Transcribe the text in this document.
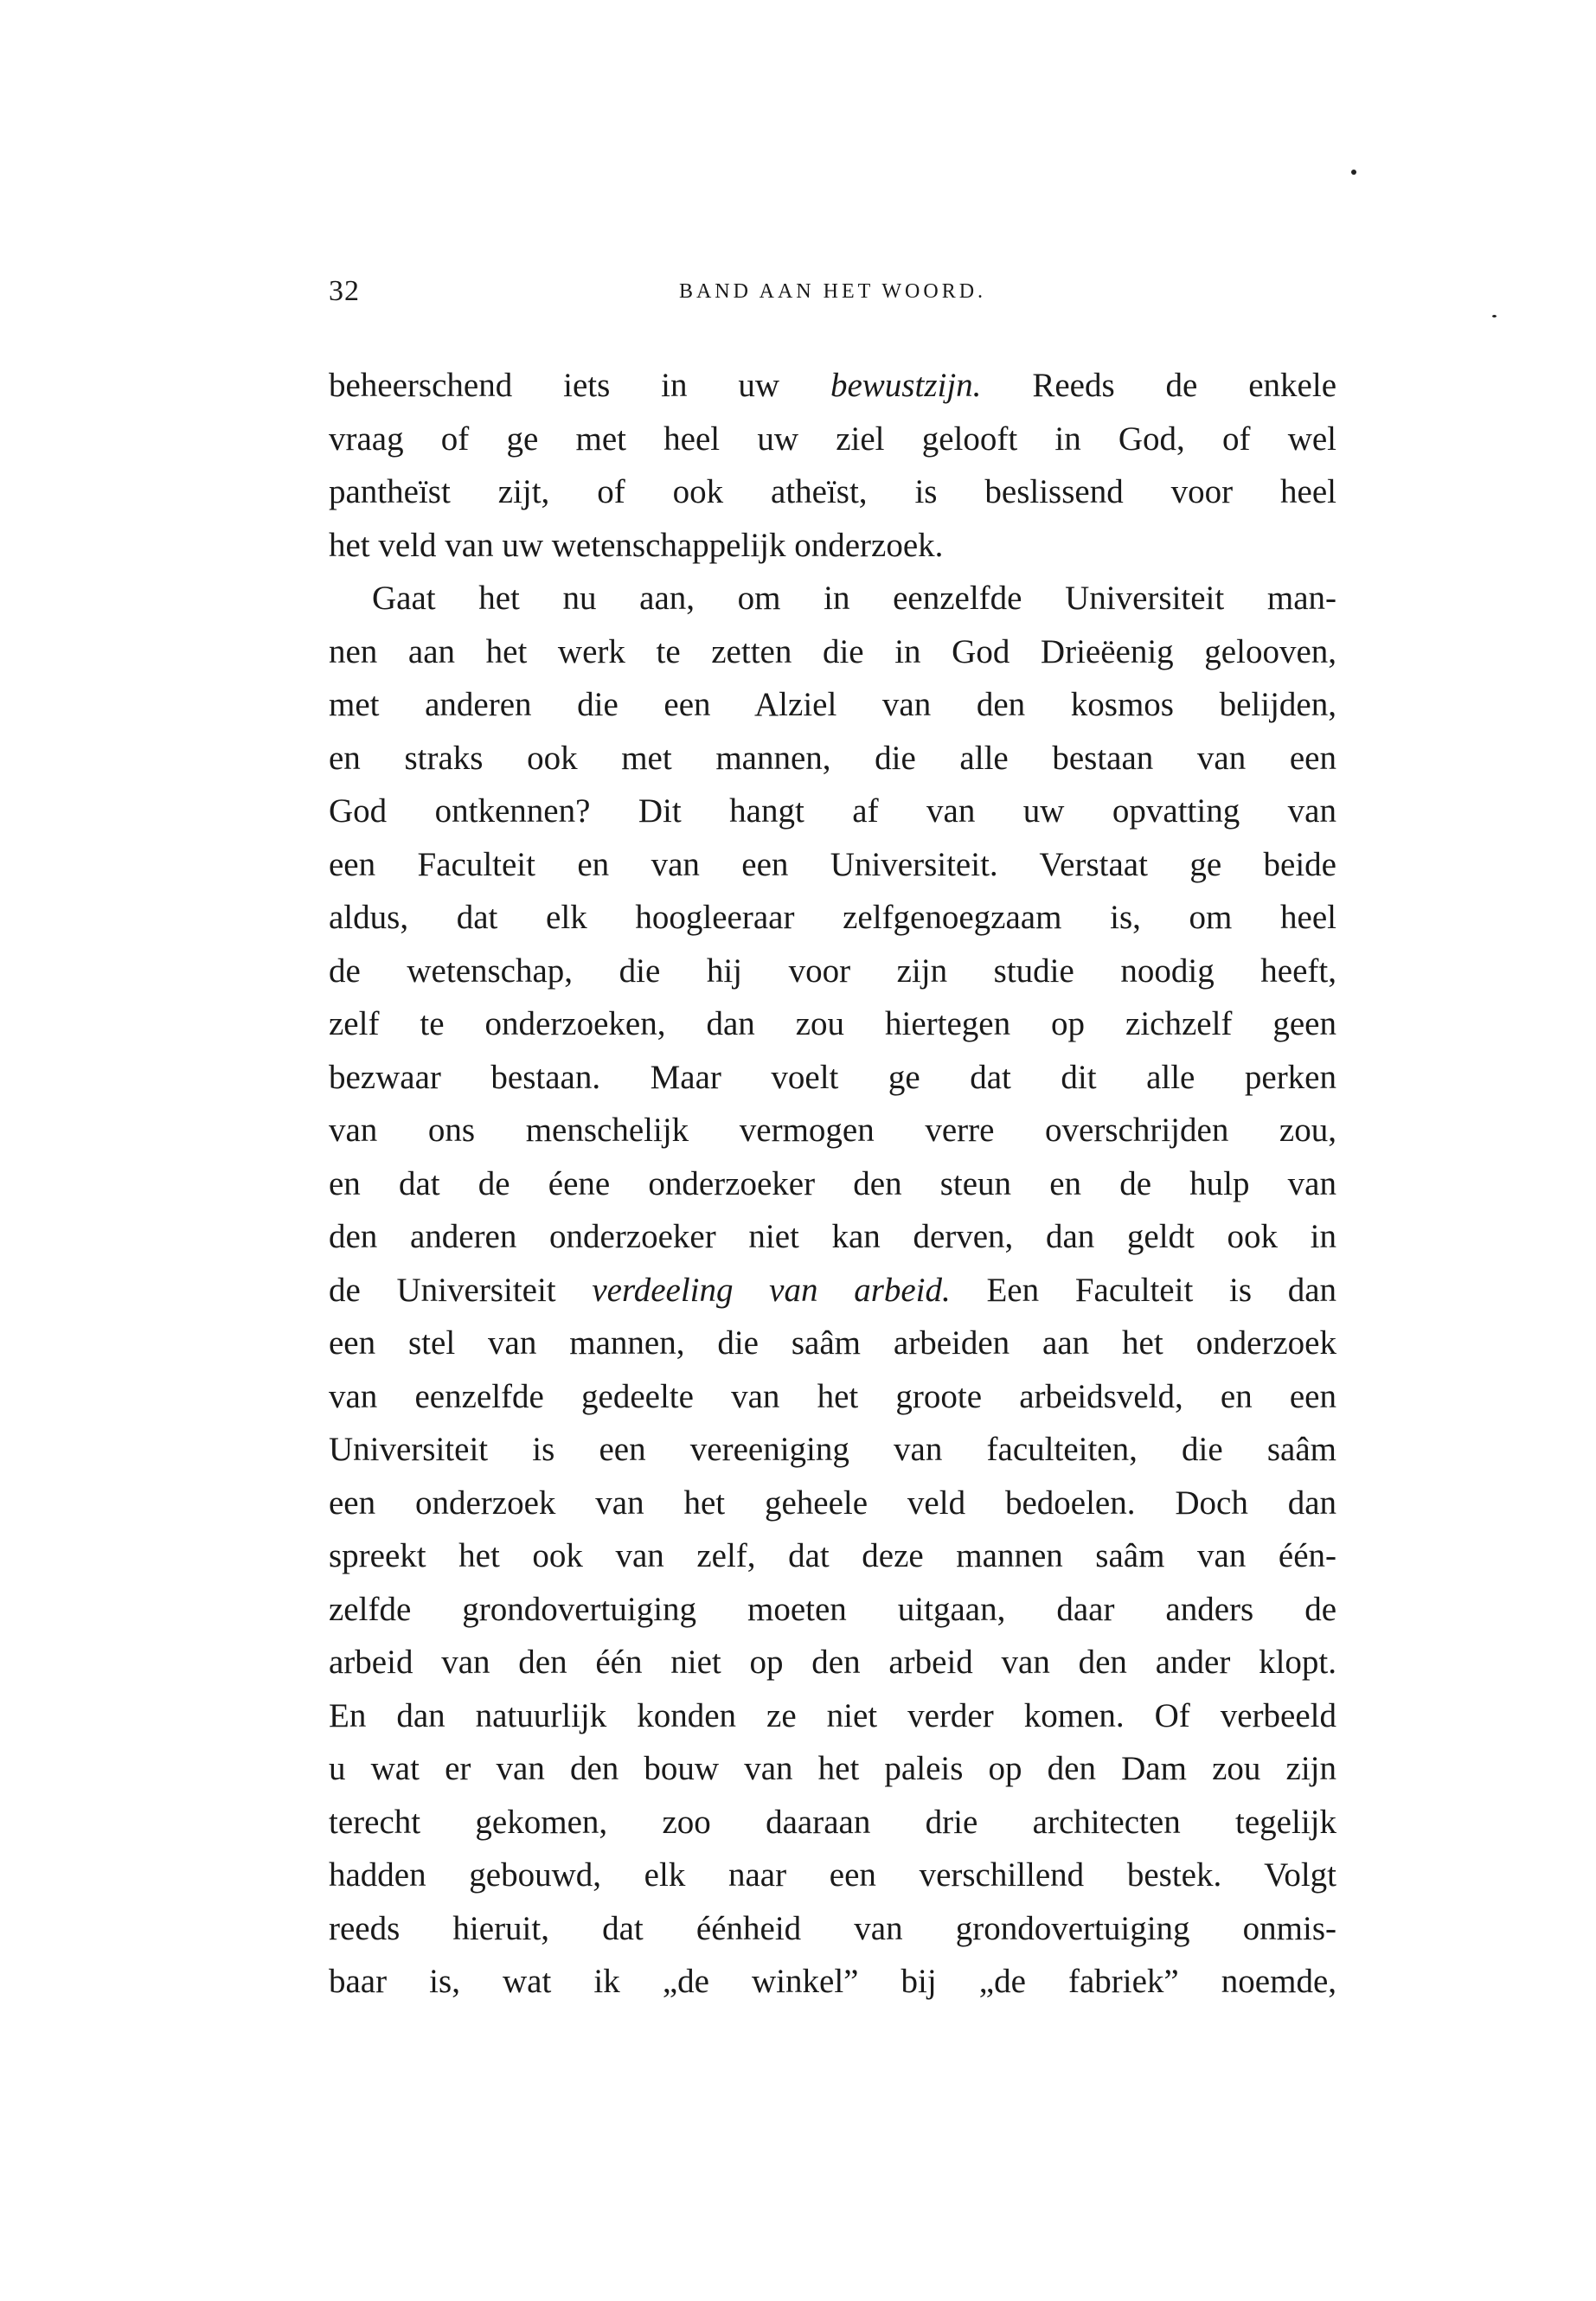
32	BAND AAN HET WOORD.
beheerschend iets in uw bewustzijn. Reeds de enkele
vraag of ge met heel uw ziel gelooft in God, of wel
pantheïst zijt, of ook atheïst, is beslissend voor heel
het veld van uw wetenschappelijk onderzoek.
Gaat het nu aan, om in eenzelfde Universiteit man-
nen aan het werk te zetten die in God Drieëenig gelooven,
met anderen die een Alziel van den kosmos belijden,
en straks ook met mannen, die alle bestaan van een
God ontkennen? Dit hangt af van uw opvatting van
een Faculteit en van een Universiteit. Verstaat ge beide
aldus, dat elk hoogleeraar zelfgenoegzaam is, om heel
de wetenschap, die hij voor zijn studie noodig heeft,
zelf te onderzoeken, dan zou hiertegen op zichzelf geen
bezwaar bestaan. Maar voelt ge dat dit alle perken
van ons menschelijk vermogen verre overschrijden zou,
en dat de éene onderzoeker den steun en de hulp van
den anderen onderzoeker niet kan derven, dan geldt ook in
de Universiteit verdeeling van arbeid. Een Faculteit is dan
een stel van mannen, die saâm arbeiden aan het onderzoek
van eenzelfde gedeelte van het groote arbeidsveld, en een
Universiteit is een vereeniging van faculteiten, die saâm
een onderzoek van het geheele veld bedoelen. Doch dan
spreekt het ook van zelf, dat deze mannen saâm van één-
zelfde grondovertuiging moeten uitgaan, daar anders de
arbeid van den één niet op den arbeid van den ander klopt.
En dan natuurlijk konden ze niet verder komen. Of verbeeld
u wat er van den bouw van het paleis op den Dam zou zijn
terecht gekomen, zoo daaraan drie architecten tegelijk
hadden gebouwd, elk naar een verschillend bestek. Volgt
reeds hieruit, dat éénheid van grondovertuiging onmis-
baar is, wat ik „de winkel” bij „de fabriek” noemde,
